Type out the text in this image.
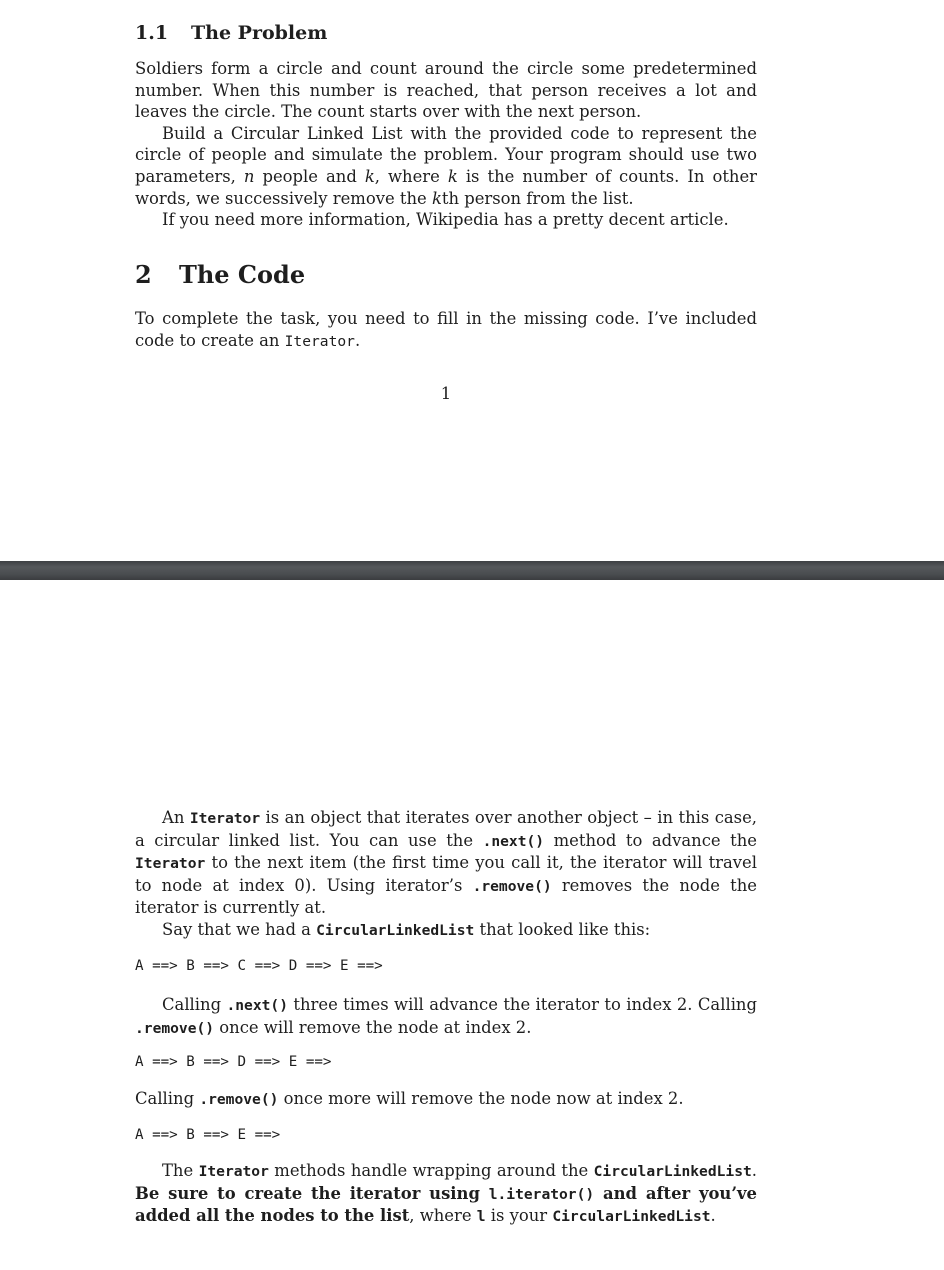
1.1 The Problem

Soldiers form a circle and count around the circle some predetermined number. When this number is reached, that person receives a lot and leaves the circle. The count starts over with the next person.

Build a Circular Linked List with the provided code to represent the circle of people and simulate the problem. Your program should use two parameters, n people and k, where k is the number of counts. In other words, we successively remove the kth person from the list.

If you need more information, Wikipedia has a pretty decent article.

2 The Code

To complete the task, you need to fill in the missing code. I’ve included code to create an Iterator.

1

An Iterator is an object that iterates over another object – in this case, a circular linked list. You can use the .next() method to advance the Iterator to the next item (the first time you call it, the iterator will travel to node at index 0). Using iterator’s .remove() removes the node the iterator is currently at.

Say that we had a CircularLinkedList that looked like this:

A ==> B ==> C ==> D ==> E ==>

Calling .next() three times will advance the iterator to index 2. Calling .remove() once will remove the node at index 2.

A ==> B ==> D ==> E ==>

Calling .remove() once more will remove the node now at index 2.

A ==> B ==> E ==>

The Iterator methods handle wrapping around the CircularLinkedList. Be sure to create the iterator using l.iterator() and after you’ve added all the nodes to the list, where l is your CircularLinkedList.
